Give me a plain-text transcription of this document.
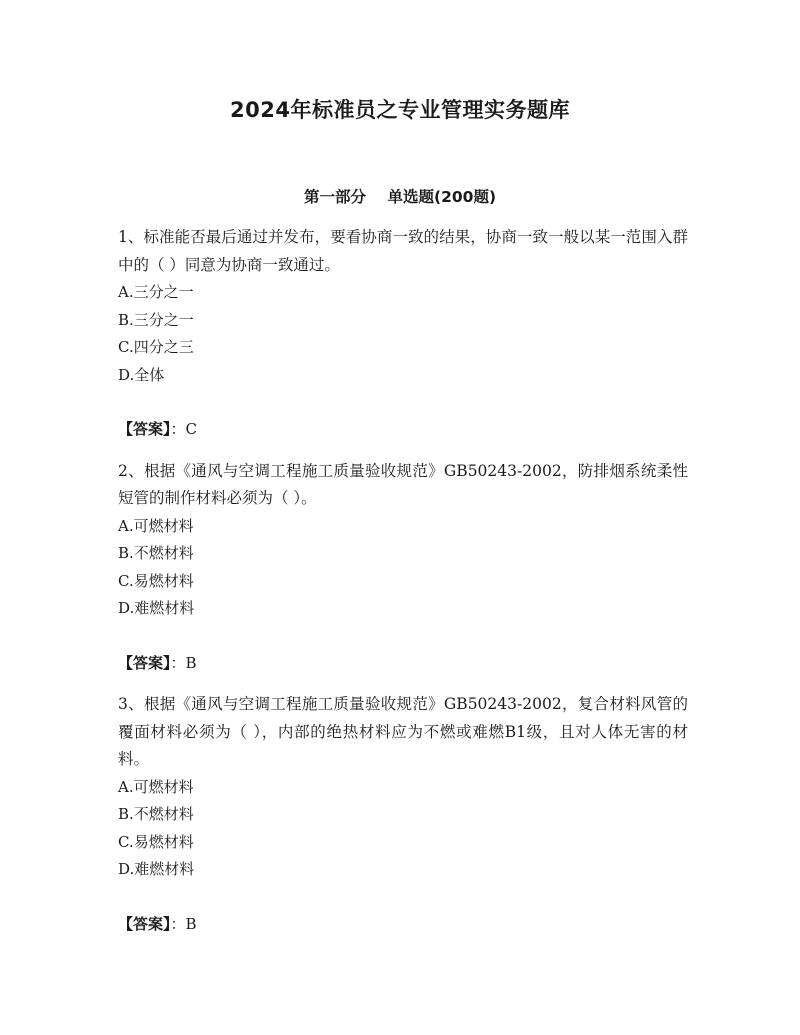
2024年标准员之专业管理实务题库
第一部分    单选题(200题)

1、标准能否最后通过并发布，要看协商一致的结果，协商一致一般以某一范围入群中的（ ）同意为协商一致通过。

A.三分之一

B.三分之一

C.四分之三

D.全体

【答案】：C

2、根据《通风与空调工程施工质量验收规范》GB50243-2002，防排烟系统柔性短管的制作材料必须为（ ）。

A.可燃材料

B.不燃材料

C.易燃材料

D.难燃材料

【答案】：B

3、根据《通风与空调工程施工质量验收规范》GB50243-2002，复合材料风管的覆面材料必须为（ ），内部的绝热材料应为不燃或难燃B1级，且对人体无害的材料。

A.可燃材料

B.不燃材料

C.易燃材料

D.难燃材料

【答案】：B
